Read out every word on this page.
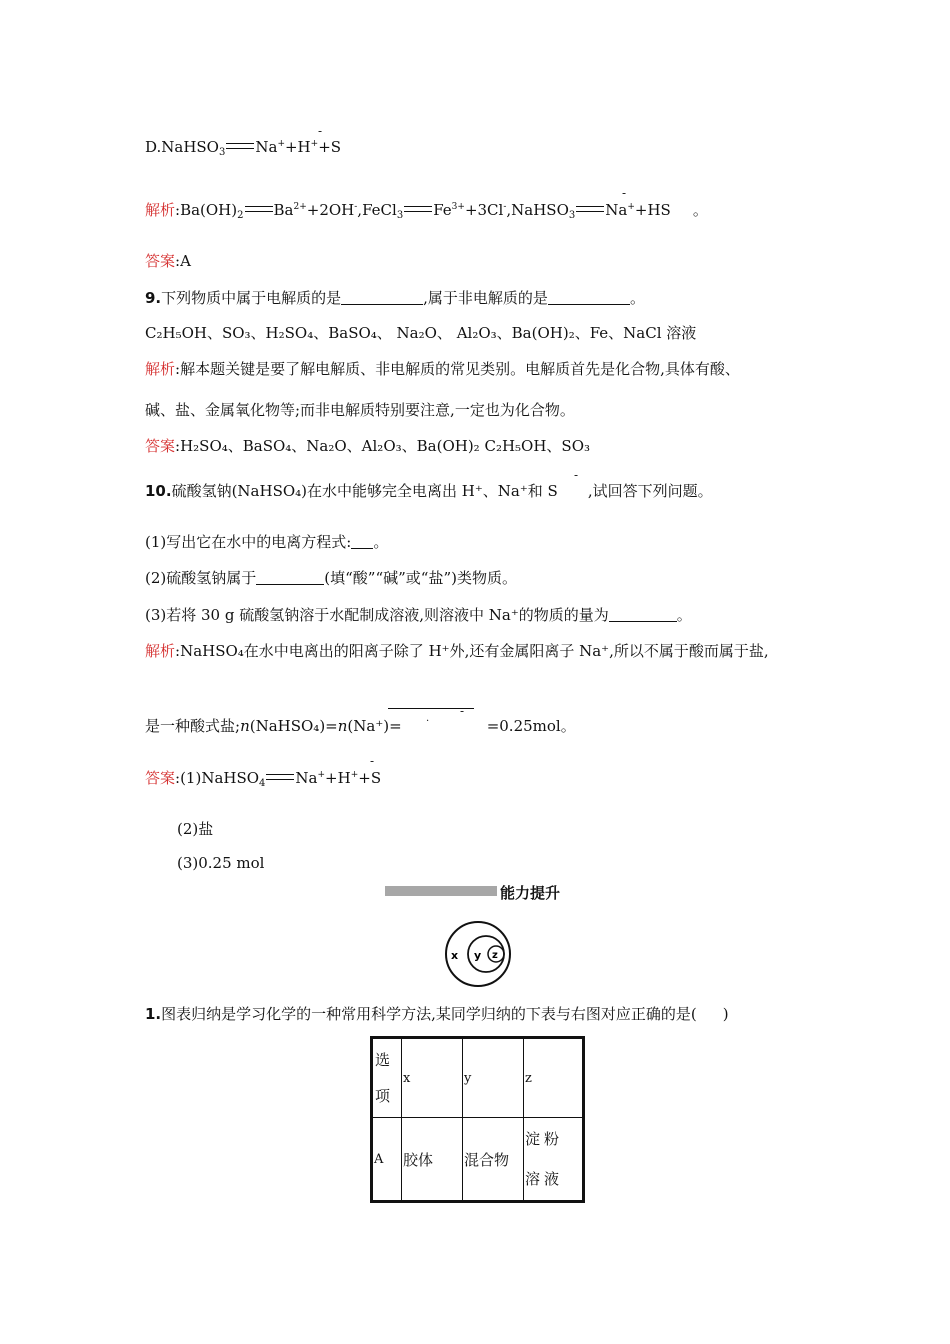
D.NaHSO$_3$ Na++H++S
-
解析$:Ba(OH)_2$ $Ba^{2+}+2OH^-,FeCl_3$ $Fe^{3+}+3Cl^-,NaHSO_3$ Na++HS 。
-
答案:A
9.下列物质中属于电解质的是	,属于非电解质的是	。
C₂H₅OH、SO₃、H₂SO₄、BaSO₄、 Na₂O、 Al₂O₃、Ba(OH)₂、Fe、NaCl 溶液
解析:解本题关键是要了解电解质、非电解质的常见类别。电解质首先是化合物,具体有酸、
碱、盐、金属氧化物等;而非电解质特别要注意,一定也为化合物。
答案:H₂SO₄、BaSO₄、Na₂O、Al₂O₃、Ba(OH)₂ C₂H₅OH、SO₃
10.硫酸氢钠(NaHSO₄)在水中能够完全电离出 H⁺、Na⁺和 S ,试回答下列问题。
-
(1)写出它在水中的电离方程式: 。
(2)硫酸氢钠属于	(填“酸”“碱”或“盐”)类物质。
(3)若将 30 g 硫酸氢钠溶于水配制成溶液,则溶液中 Na⁺的物质的量为	。
解析:NaHSO₄在水中电离出的阳离子除了 H⁺外,还有金属阳离子 Na⁺,所以不属于酸而属于盐,
是一种酸式盐;n(NaHSO₄)=n(Na⁺)=	=0.25mol。
.
-
答案:(1)NaHSO$_4$ Na++H++S
-
(2)盐
(3)0.25 mol
能力提升
x y z
1.图表归纳是学习化学的一种常用科学方法,某同学归纳的下表与右图对应正确的是( )
选项	x	y	z
A	胶体	混合物	淀粉溶液
